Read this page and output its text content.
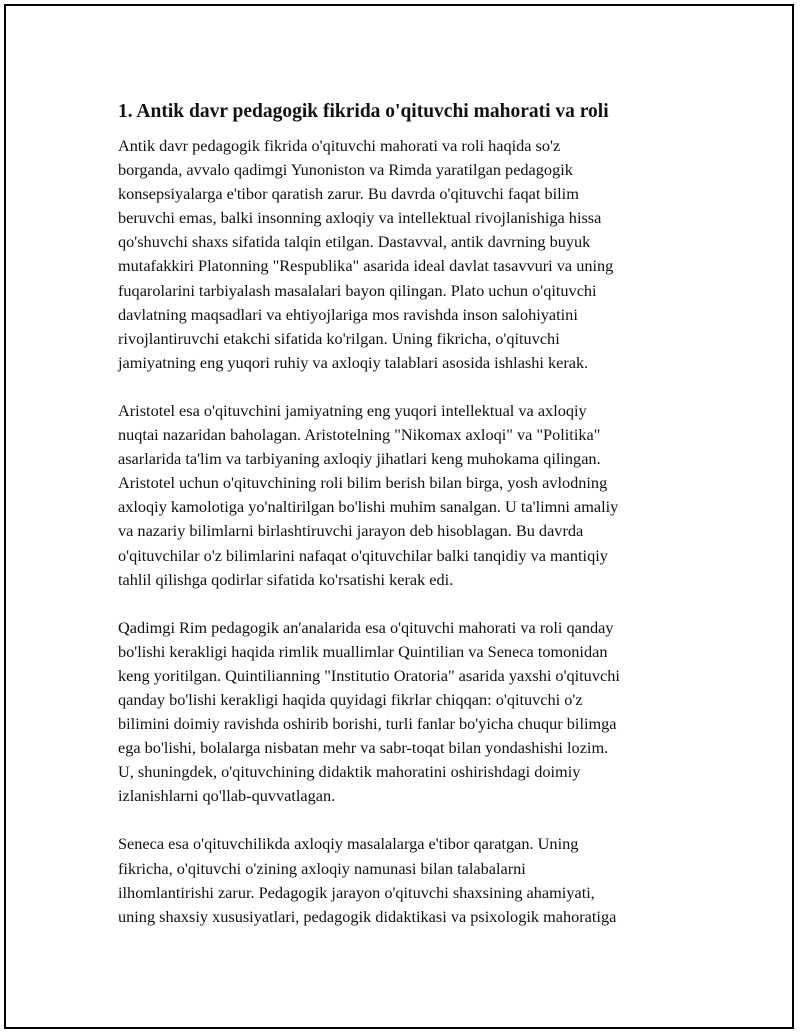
1. Antik davr pedagogik fikrida o'qituvchi mahorati va roli

Antik davr pedagogik fikrida o'qituvchi mahorati va roli haqida so'z
borganda, avvalo qadimgi Yunoniston va Rimda yaratilgan pedagogik
konsepsiyalarga e'tibor qaratish zarur. Bu davrda o'qituvchi faqat bilim
beruvchi emas, balki insonning axloqiy va intellektual rivojlanishiga hissa
qo'shuvchi shaxs sifatida talqin etilgan. Dastavval, antik davrning buyuk
mutafakkiri Platonning "Respublika" asarida ideal davlat tasavvuri va uning
fuqarolarini tarbiyalash masalalari bayon qilingan. Plato uchun o'qituvchi
davlatning maqsadlari va ehtiyojlariga mos ravishda inson salohiyatini
rivojlantiruvchi etakchi sifatida ko'rilgan. Uning fikricha, o'qituvchi
jamiyatning eng yuqori ruhiy va axloqiy talablari asosida ishlashi kerak.

Aristotel esa o'qituvchini jamiyatning eng yuqori intellektual va axloqiy
nuqtai nazaridan baholagan. Aristotelning "Nikomax axloqi" va "Politika"
asarlarida ta'lim va tarbiyaning axloqiy jihatlari keng muhokama qilingan.
Aristotel uchun o'qituvchining roli bilim berish bilan birga, yosh avlodning
axloqiy kamolotiga yo'naltirilgan bo'lishi muhim sanalgan. U ta'limni amaliy
va nazariy bilimlarni birlashtiruvchi jarayon deb hisoblagan. Bu davrda
o'qituvchilar o'z bilimlarini nafaqat o'qituvchilar balki tanqidiy va mantiqiy
tahlil qilishga qodirlar sifatida ko'rsatishi kerak edi.

Qadimgi Rim pedagogik an'analarida esa o'qituvchi mahorati va roli qanday
bo'lishi kerakligi haqida rimlik muallimlar Quintilian va Seneca tomonidan
keng yoritilgan. Quintilianning "Institutio Oratoria" asarida yaxshi o'qituvchi
qanday bo'lishi kerakligi haqida quyidagi fikrlar chiqqan: o'qituvchi o'z
bilimini doimiy ravishda oshirib borishi, turli fanlar bo'yicha chuqur bilimga
ega bo'lishi, bolalarga nisbatan mehr va sabr-toqat bilan yondashishi lozim.
U, shuningdek, o'qituvchining didaktik mahoratini oshirishdagi doimiy
izlanishlarni qo'llab-quvvatlagan.

Seneca esa o'qituvchilikda axloqiy masalalarga e'tibor qaratgan. Uning
fikricha, o'qituvchi o'zining axloqiy namunasi bilan talabalarni
ilhomlantirishi zarur. Pedagogik jarayon o'qituvchi shaxsining ahamiyati,
uning shaxsiy xususiyatlari, pedagogik didaktikasi va psixologik mahoratiga
